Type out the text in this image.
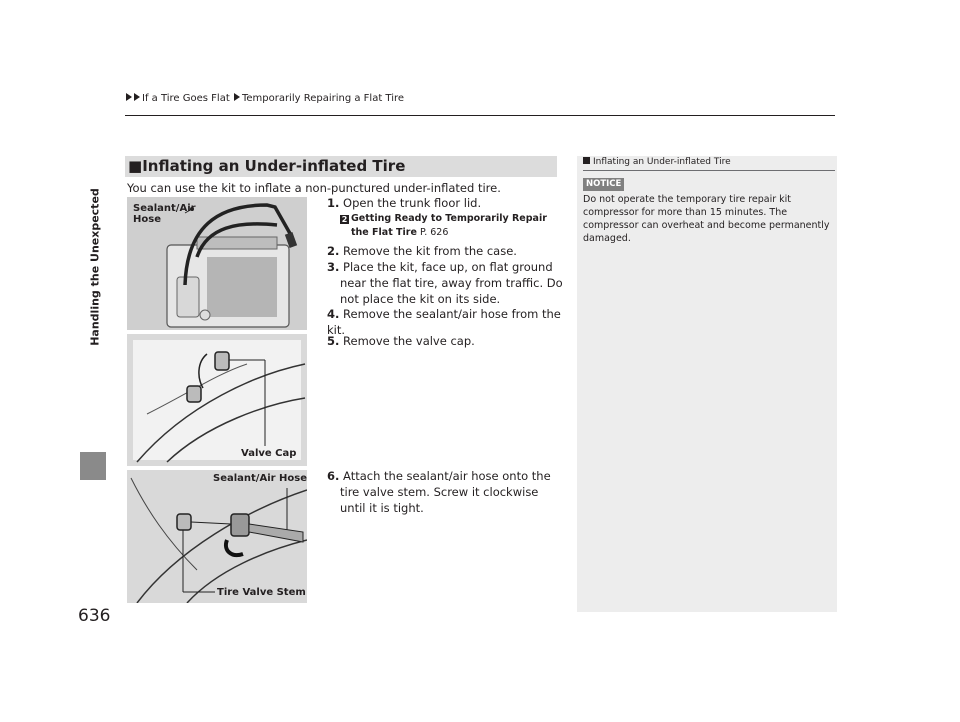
If a Tire Goes Flat Temporarily Repairing a Flat Tire
Handling the Unexpected
636
■Inflating an Under-inflated Tire
You can use the kit to inflate a non-punctured under-inflated tire.
Sealant/Air
Hose
Valve Cap
Sealant/Air Hose
Tire Valve Stem
1. Open the trunk floor lid.
2 Getting Ready to Temporarily Repair
the Flat Tire P. 626
2. Remove the kit from the case.
3. Place the kit, face up, on flat ground near the flat tire, away from traffic. Do not place the kit on its side.
4. Remove the sealant/air hose from the kit.
5. Remove the valve cap.
6. Attach the sealant/air hose onto the tire valve stem. Screw it clockwise until it is tight.
Inflating an Under-inflated Tire
NOTICE
Do not operate the temporary tire repair kit compressor for more than 15 minutes. The compressor can overheat and become permanently damaged.
